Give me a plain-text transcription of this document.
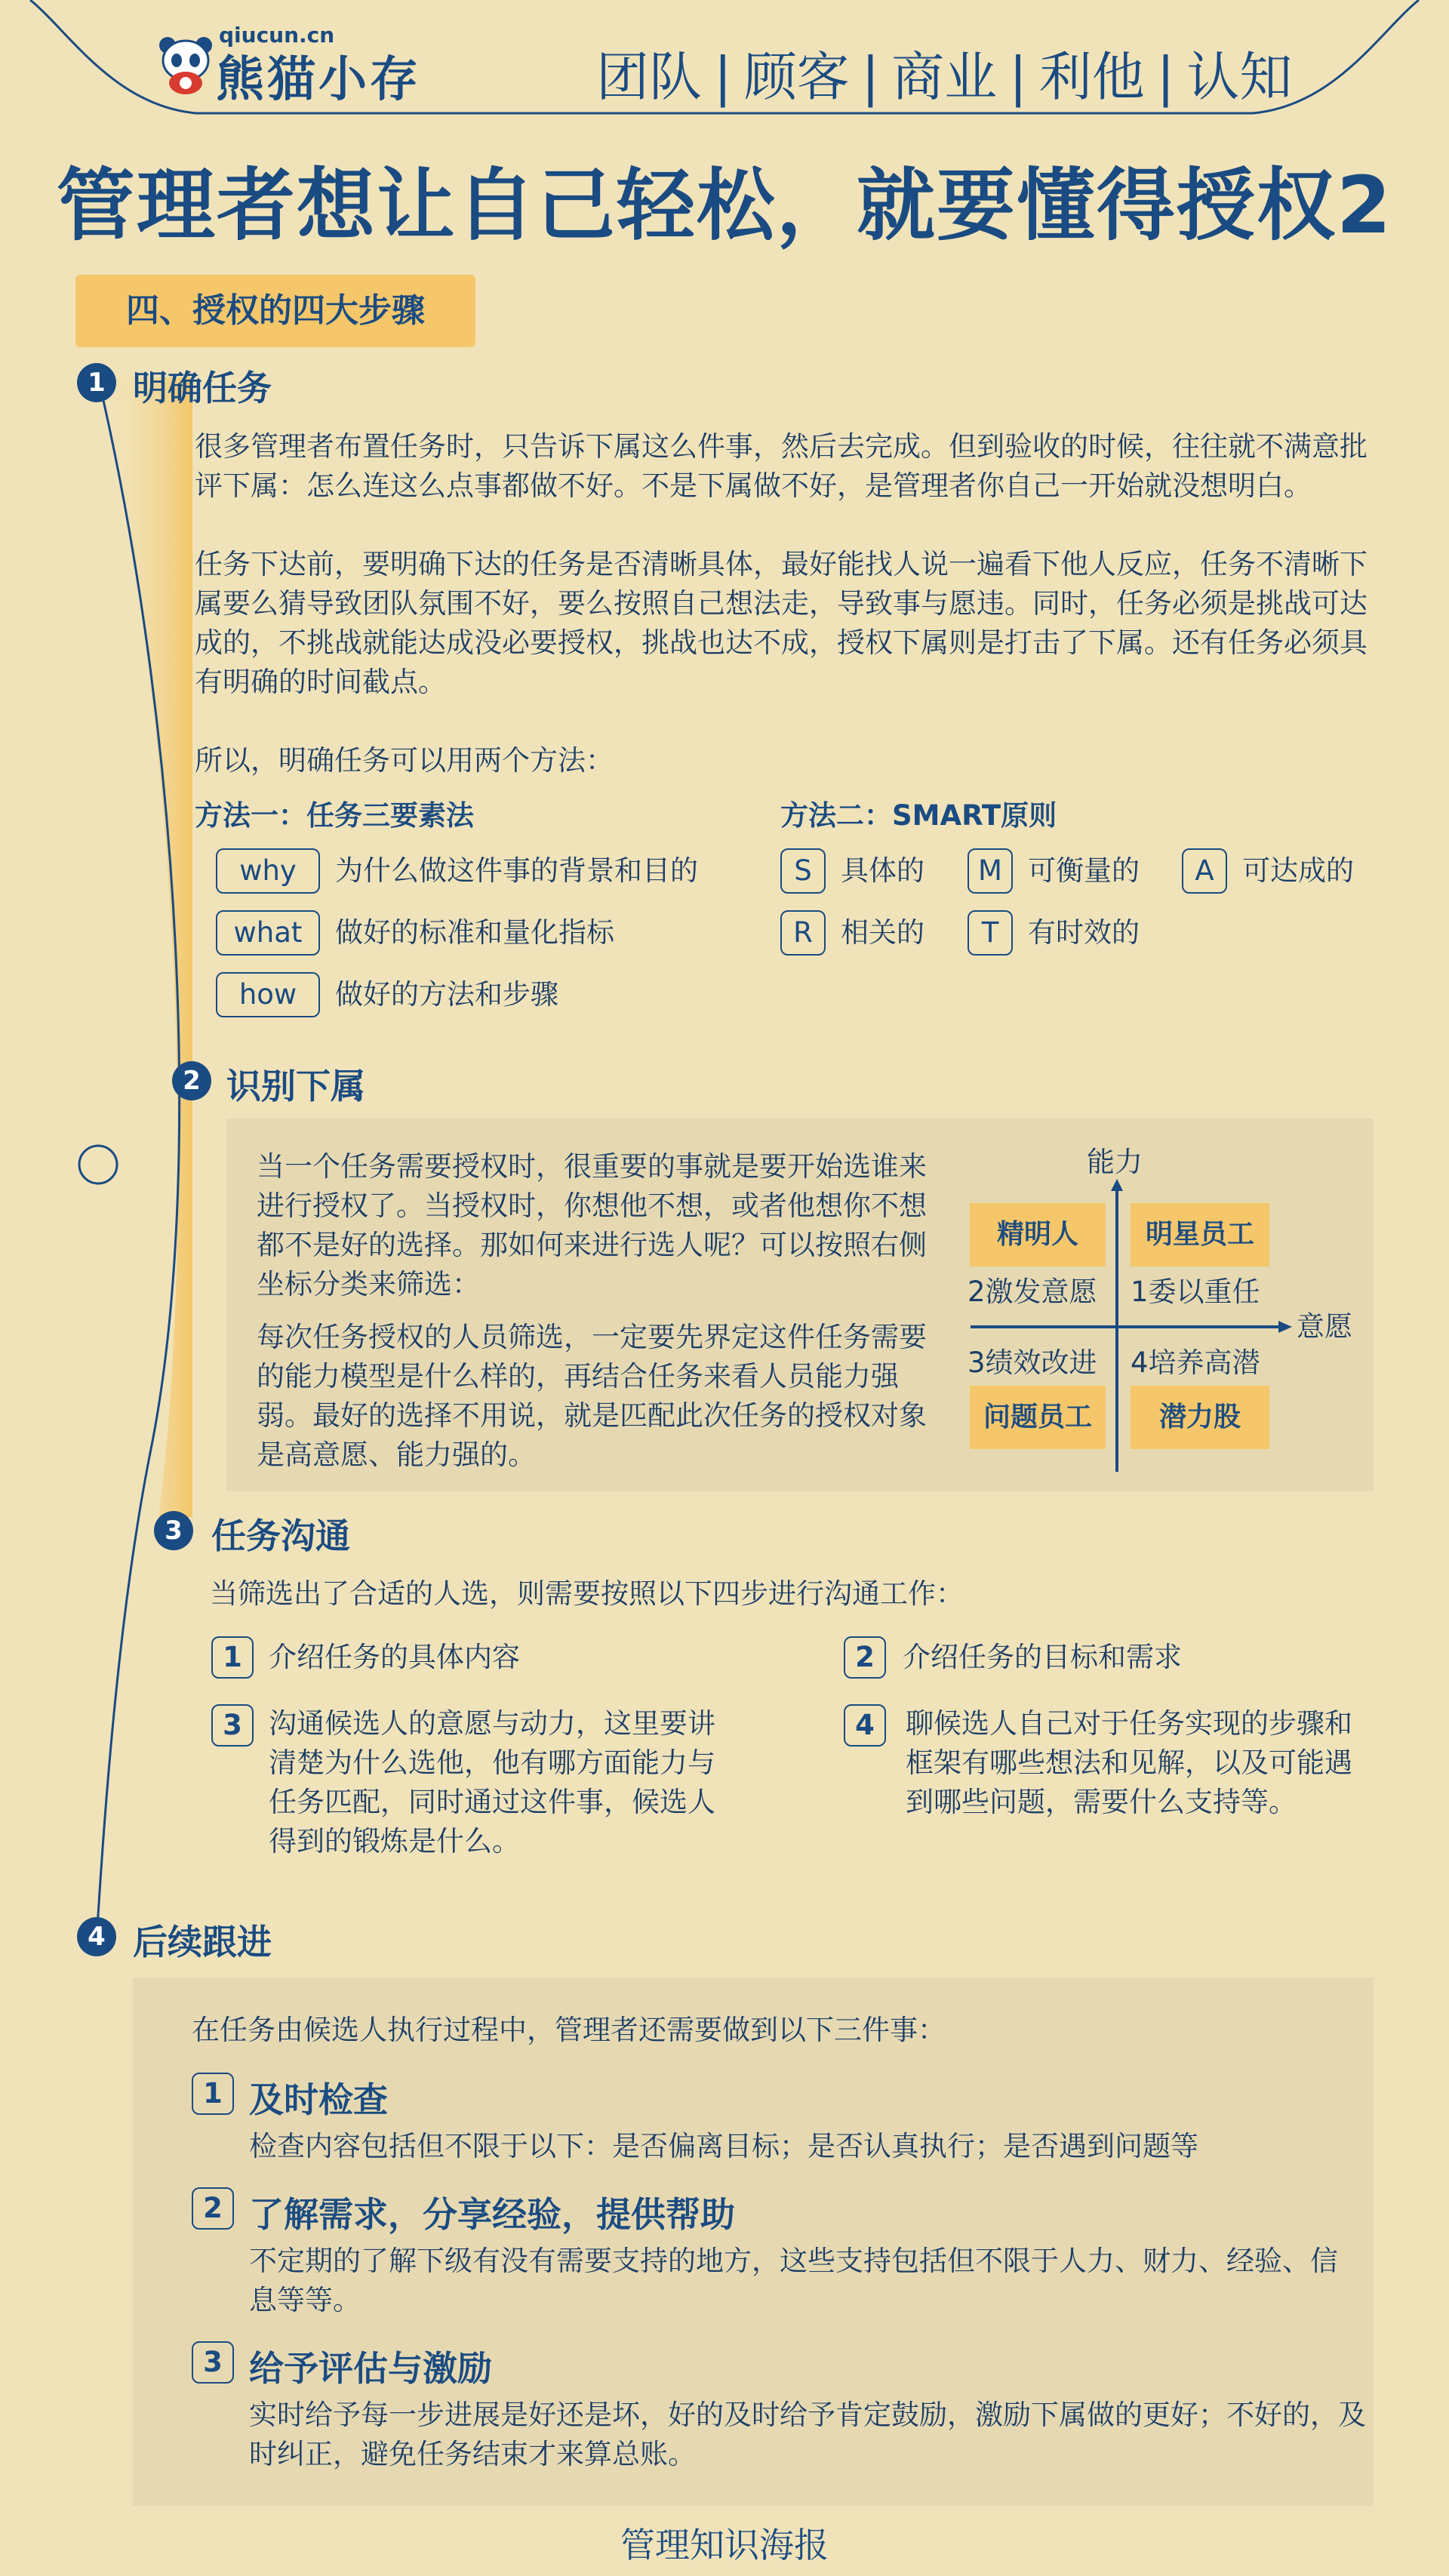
qiucun.cn
熊猫小存	团队 | 顾客 | 商业 | 利他 | 认知
管理者想让自己轻松，就要懂得授权2
四、授权的四大步骤
1 明确任务
很多管理者布置任务时，只告诉下属这么件事，然后去完成。但到验收的时候，往往就不满意批评下属：怎么连这么点事都做不好。不是下属做不好，是管理者你自己一开始就没想明白。
任务下达前，要明确下达的任务是否清晰具体，最好能找人说一遍看下他人反应，任务不清晰下属要么猜导致团队氛围不好，要么按照自己想法走，导致事与愿违。同时，任务必须是挑战可达成的，不挑战就能达成没必要授权，挑战也达不成，授权下属则是打击了下属。还有任务必须具有明确的时间截点。
所以，明确任务可以用两个方法：
方法一：任务三要素法
why	为什么做这件事的背景和目的
what	做好的标准和量化指标
how	做好的方法和步骤
方法二：SMART原则
S	具体的	M 可衡量的	A	可达成的
R	相关的	T	有时效的
2 识别下属
当一个任务需要授权时，很重要的事就是要开始选谁来进行授权了。当授权时，你想他不想，或者他想你不想都不是好的选择。那如何来进行选人呢？可以按照右侧坐标分类来筛选：
每次任务授权的人员筛选，一定要先界定这件任务需要的能力模型是什么样的，再结合任务来看人员能力强弱。最好的选择不用说，就是匹配此次任务的授权对象是高意愿、能力强的。
能力
意愿
精明人	明星员工
2激发意愿 1委以重任
3绩效改进 4培养高潜
问题员工	潜力股
3 任务沟通
当筛选出了合适的人选，则需要按照以下四步进行沟通工作：
1 介绍任务的具体内容	2	介绍任务的目标和需求
3 沟通候选人的意愿与动力，这里要讲清楚为什么选他，他有哪方面能力与任务匹配，同时通过这件事，候选人得到的锻炼是什么。
4	聊候选人自己对于任务实现的步骤和框架有哪些想法和见解，以及可能遇到哪些问题，需要什么支持等。
4 后续跟进
在任务由候选人执行过程中，管理者还需要做到以下三件事：
1 及时检查
检查内容包括但不限于以下：是否偏离目标；是否认真执行；是否遇到问题等
2 了解需求，分享经验，提供帮助
不定期的了解下级有没有需要支持的地方，这些支持包括但不限于人力、财力、经验、信息等等。
3 给予评估与激励
实时给予每一步进展是好还是坏，好的及时给予肯定鼓励，激励下属做的更好；不好的，及时纠正，避免任务结束才来算总账。
管理知识海报
